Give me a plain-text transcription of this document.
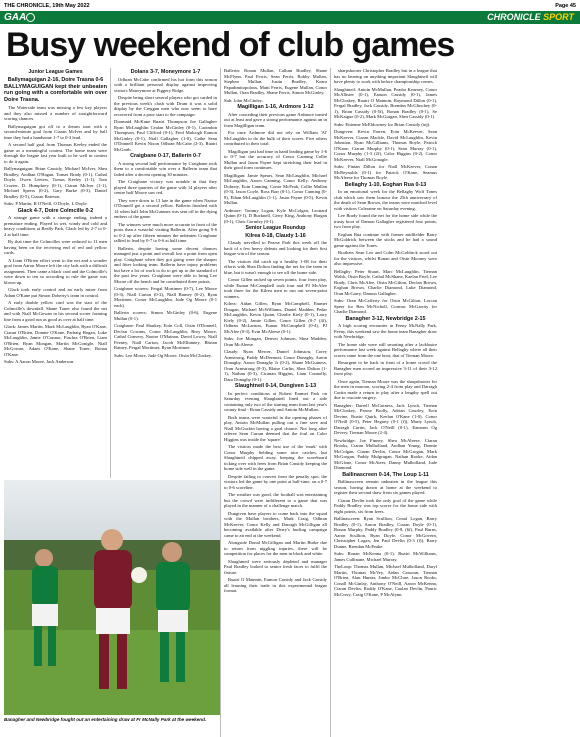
THE CHRONICLE, 19th May 2022	Page 45
GAA	CHRONICLE SPORT
Busy weekend of club games
Junior League Games
Ballymaguigan 2-16, Doire Trasna 0-6

BALLYMAGUIGAN kept their unbeaten run going with a comfortable win over Doire Trasna.

The Waterside team was missing a few key players and they also missed a number of straightforward scoring chances.

Ballymaguigan got off to a dream start with a second-minute goal from Ciaran McIver and by half time they had a handsome 1-7 to 0-3 lead.

A second half goal from Thomas Keeley ended the game as a meaningful contest. The home team were through the league last year built to be well in contest to do it again.

Ballymaguigan: Brian Cassidy, Michael McIver, Shea Bradley, Aodhan O'Hagan, Tomas Brady (0-1), Cathal Doyle, Owen Leeters, Tomas Keeley (1-1), Tom Crozier, D. Humphrey (0-1), Ciaran McIver (1-1), Michael Speers (0-2), Gary Burke (0-3), Daniel Bradley (0-5), Ciaran Bateson.

Subs: P Martin, R O'Neill, O Doyle, L Doyle.

Glack 4-7, Doire Colmcille 0-2

A strange game with a strange ending, indeed a premature ending. Played in wet, windy and cold and heavy conditions at Beally Park, Glack led by 2-7 to 0-2 at half time.

By that time the Colmcilles were reduced to 11 men having been on the receiving end of red and yellow cards.

A Liam O'Brien effort went to the net and a wonder goal from Aaron Moore left the city lads with a difficult assignment. Then came a black card and the Colmcille's were down to ten so according to rule the game was blown up.

Glack took early control and an early miser from Adam O'Kane put Simon Doherty's team in control.

A early double yellow card was the start of the Colmcille's downfall. Shane Toner also found the net and with Niall McGowan in his second scorer forming line from a good run as good as over at half time.

Glack: James Martin, Mark McLaughlin, Ryan O'Kane, Ciaran O'Brien, Donnie O'Kane, Padraig Hogan, Luke McLaughlin, Jamie O'Connor, Fiachra O'Brien, Liam O'Brien, Ryan Mongan, Martin McGonigle, Niall McGowan, Adam O'Kane, Shane Toner, Ronan O'Kane.

Subs: A Aaron Moore, Jack Anderson.

Dolans 3-7, Moneymore 1-7

Odhran McCabe confirmed his hot form this season with a brilliant personal display against improving visitors Moneymore at Piggery Ridge.

Despite being short several players who got carded in the previous week's clash with Drum it was a solid display by the Creggan men who now seem to have recovered from a poor start to the campaign.

Diarmaid McKane Ruairi Thompson Joe Gallagher Ryan McLaughlin Cealan McGinley (0-1), Caoimhin Thompson, Paul Clifford (0-1), Fred Mulcogh Eamon McGinley (0-1), Niall Gallagher (1-0), Cathe Sean O'Donnell Kevin Nixon Odhran McCabe (2-3), Ruairi McGrath.

Craigbane 0-17, Ballerin 0-7

A strong second half performance by Craigbane took them to a comfortable win over a Ballerin team that faded after a decent opening 30 minutes.

The Craigbane victory was notable in that they played three quarters of the game with 14 players after centre half Moore saw red.

They were down to 13 late in the game when Naoise O'Donnell got a second yellow. Ballerin finished with 14 when half John McGuinnes was sent off in the dying embers of the game.

The winners were much more accurate in front of the posts than a wasteful visiting Ballerin. After going 0-6 to 0-2 up after fifteen minutes the unbeaten Craigbane rallied to lead by 0-7 to 0-6 at half time.

Ballerin, despite having some decent chances managed just a point and overall lost a point from open play. Craigbane when they got going were the sharper and fitter looking team. Ballerin have injury problems but have a lot of work to do to get up to the standard of the past few years. Craigbane were able to bring Lee Moore off the bench and he contributed three points.

Craigbane scorers: Fergal Mortimer (0-7), Lee Moore (0-3), Niall Carton (0-2), Niall Barney (0-2), Ryan Mortimer, Conor McLaughlin, Jude Og Moore (0-1 each).

Ballerin scorers: Simon McGinley (0-6), Eugene Mullan (0-1).

Craigbane: Paul Sharkey, Eoin Coll, Oisin O'Donnell, Declan Cowans, Conor McLaughlin, Rory Moore, Cathal Convery, Naoise O'Mainan, David Lowry, Niall Feeney, Niall Carton, Jacob McElhinney, Bhrian Rainey, Fergal Mortimer, Ryan Mortimer.

Subs: Lee Moore, Jude Og Moore, Oisin McCloskey.

Ballerin: Ronan Mullan, Callum Bradley, Shane McFlynn, Paul Ferris, Sean Ferris, Bobby Mullan, Stephen Mullan, Justin Bradley, Keara Papadimitopolous, Matti Ferris, Eugene Mullan, Conor Mullan, Oran Bradley, Shane Ferris, Simon McGinley.

Sub: John McGinley.

Magilligan 1-16, Ardmore 1-12

After conceding their previous game Ardmore turned out at least and gave a strong performance against an in form Magilligan team.

For once Ardmore did not rely on William 'Al' McLaughlin to do the bulk of their scores. Five others contributed to their total.

Magilligan just had time in hand leading game by 1-6 to 0-7 but the accuracy of Conor Canning Collie Mullan and Jason Payne kept stretching their lead in their good form continues.

Magilligan: Jamie Spears, Sean McLaughlin, Michael McLaughlin, Aaron Canning, Conor Kelly, Anthony Doherty, Eoin Canning, Conor McPeak, Collie Mullan (0-3), Jason Coyle, Ross Barr (0-1), Conor Canning (0-8), Ethan McLaughlin (1-1), Jason Payne (0-5), Kevin Mullan.

Ardmore: Tommy Logan, Kyle McColgan, Leonard Quinn (0-1), D Bucknell, Gerry King, Anthony Hargan (0-1), Chris Gormley (0-1).

Senior League Roundup
Kilrea 0-18, Claudy 1-16

Claudy travelled to Pearse Park this week off the back of a few heavy defeats and looking for their first league win of the season.

The visitors did catch up a healthy 1-08 for their efforts with Shea Dolton finding the net for the team in blue, but it wasn't enough to see off the home side.

Conor Gillen racked up seven points, four from play, while Eunan McCampbell took four and PJ McAfee took three for the Kilrea men to run out seven-point winners.

Kilrea: Aidan Gillen, Ryan McCampbell, Emmet Dougan, Michael McWilliams, Daniel Madden, Pedar McLaughlin, Kevin Quinn, Charlie Kiely (0-1), Larry Kiely (0-2), Jamie Gillen, Conor Gillen (0-7 (4f), Odhran McLarnon, Eunan McCampbell (0-4), PJ McAfee (0-3), Evin McAleese (0-1).

Subs: Joe Mongan, Denver Johnson, Shea Madden, Oran McAleese.

Claudy: Ryan Mercer, Daniel Johnston, Corey Armstrong, Paddy McDermott, Conor Donaghy, Aaron Donaghy, Aaron Donaghy Jr (0-2), Shane McGuiness, Oran Armstrong (0-3), Blaise Carlin, Shea Dalton (1-1), Nathan (0-3), Cicanan Higgins, Liam Connolly, Dara Donaghy (0-1).

Slaughtneil 0-14, Dungiven 1-13

In perfect conditions at Robert Emmet Park on Saturday evening Slaughtneil lined out a side containing only two of the starting team from last year's county final - Brian Cassidy and Antoin McMullan.

Both teams were wasteful in the opening phases of play, Antoin McMullan pulling out a fine save and Niall McGuckin having a goal chance. Not long after referee Sean Curran deemed that the foul on Calor Higgins was inside the 'square'.

The visitors made the best use of the 'mark' with Conor Murphy fielding some nice catches, but Slaughtneil chipped away, keeping the scoreboard ticking over with frees from Brian Cassidy keeping the home side well in the game.

Despite failing to convert from the penalty spot, the visitors led the game by one point at half-time, on a 0-7 to 0-6 scoreline.

The weather was good, the football was entertaining but the crowd were indifferent to a game that was played in the manner of a challenge match.

Dungiven have players to come back into the squad with the Mullan brothers, Mark Craig, Odhran McKeever, Conor Kelly and Darragh McGilligan all becoming available after Derry's hurling campaign came to an end at the weekend.

Alongside Donal McGilligan and Martin Burke due to return from niggling injuries, there will be competition for places for the men in black and white.

Slaughtneil were seriously depleted and manager Paul Bradley looked to senior fresh faces to fulfil the fixture.

Ruairi O Mainnin, Eamon Cassidy and Jack Cassidy all learning their trade in this experimental league format.

sharpshooter Christopher Bradley but in a league that has no bearing on anything important Slaughtneil will have plenty to work with before championship comes.

Slaughtneil: Antoin McMullan, Peadar Kearney, Conor McAllister (0-1), Eamon Cassidy (0-1), James McCloskey, Ruairi O Mainnin, Raymond Dillon (0-1), Fergal Bradley, Jack Cassidy, Brendan McGlinchey (0-1), Brian Cassidy (0-5f), Ronan Bradley (0-1), Se McKaigue (0-2), Mark McGuigan, Shea Cassidy (0-1).

Subs: Ettienne McEldowney for Brian Cassidy (inj).

Dungiven: Kevin Farren, Eoin McKeever, Sean McKeever, Ciaran Mackle, David McLaughlin, Kevin Johnston, Ryan McGilliams, Thomas Boyle, Patrick O'Kane, Ciaran Murphy (0-1), Sean Murray (0-1), Conor Murphy (1-3 (2f), Calor Higgins (0-2), Conor McKeever, Niall McGonagle.

Subs: Fintan Dillon for Niall McKeever, Conan McReynolds (0-1) for Patrick O'Kane, Seamus McAleese for Thomas Boyle.

Bellaghy 1-10, Eoghan Rua 0-13

In an emotional week for the Bellaghy Wolf Tones club which saw them honour the 25th anniversary of the death of Sean Brown, the teams were matched level with visitors Coleraine on Saturday evening.

Lee Brady found the net for the home side while the trusty boot of Damon Gallagher registered four points, two from play.

Eoghan Rua continue with former midfielder Barry McGoldrick between the sticks and he had a sound game against the Tones.

Brothers Sean Leo and Colm McGoldrick stood out for the visitors, whilst Ronan and Oisin Mooney were also impressive.

Bellaghy: Peter Stuart, Marc McLaughlin, Tiernan Walsh, Oisin Boyle, Cathal McShane, Kaelan Friel, Lee Brady, Chris McAfee, Oisin McGilton, Declan Brown, Eoghan Brown, Charlie Diamond, Luke Diamond, Oran McGarry, Damon Gallagher.

Subs: Oran McCafferty for Oisin McGilton, Lorcan Speer for Ben McNicholl, Cormac McGarrity for Charlie Diamond.

Banagher 3-12, Newbridge 2-15

A high scoring encounter in Feeny McNally Park, Feeny, this weekend saw the home team Banagher draw with Newbridge.

The home side were still smarting after a lacklustre performance last week against Bellaghy where all their scores came from the one boot, that of Tiernan Moore.

Resurgent to be back in front of a home crowd the Banagher men scored an impressive 3-11 of their 3-12 from play.

Once again, Tiernan Moore was the sharpshooter for the men in maroon, scoring 2-4 from play and Darragh Curtin made a return to play after a lengthy spell out due to cruciate surgery.

Banagher: Darrell McGuiness, Jack Lynch, Tiernan McCloskey, Pearse Brolly, Adrian Gourley, Eoin Devine, Ruairi Quirk, Keelan O'Kane (1-0), Conor O'Neill (0-5), Peter Hegarty (0-1 (f)), Marty Lynch, Darragh Curtin, Jack O'Neill (0-1), Eamonn Og Devery, Tiernan Moore (2-4).

Newbridge: Joe Finney, Shea McAleese, Ciaran Brooks, Ciaran Mulholland, Aodhan Young, Donnie McColgan, Ciaran Devlin, Conor McGrogan, Mark McGrogan, Paddy Mulgrugan, Nathan Rooke, Aidan McGlone, Conor McAteer, Danny Mulholland, Jude Diamond.

Ballinascreen 0-14, The Loup 1-11

Ballinascreen remain unbeaten in the league this season, having drawn at home at the weekend to register their second draw from six games played.

Ciaran Devlin took the only goal of the game while Paddy Bradley was top scorer for the home side with eight points, six from frees.

Ballinascreen: Ryan Scullion, Conal Logan, Barry Bradley (0-1), Aaron Bradley, Ciaran Doyle (0-1), Ronan Murphy, Paddy Bradley (0-8, (6f), Paul Burns, Aaron Scullion, Ryan Doyle, Conor McGovern, Christopher Logan, Jen Paul Devlin (0-3 (f)), Barry Dunne, Brendan McPeake.

Subs: Ronan McKenna (0-1), Ruairi McWilliams, James Cullinane, Michael Murray.

TheLoup: Thomas Mullan, Michael Mulholland, Daryl Martin, Thomas McVey, Aidan Cassonn, Tiernan O'Brien, Alan Hunter, Jimbo McClure, Jason Rooks, Conall McGinlay, Anthony O'Neill, Aaron McKenna, Ciaran Devlin, Roddy O'Kane, Caolan Devlin, Pauric McCorry, Craig O'Kane, P McAlynn.

Banagher and Newbridge fought out an entertaining draw at Fr McNally Park at the weekend.
